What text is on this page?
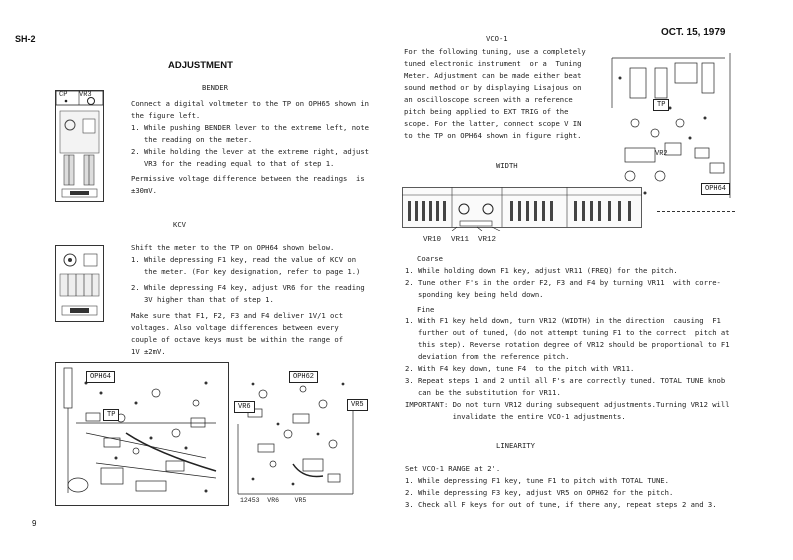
SH-2
OCT. 15, 1979
9
ADJUSTMENT
CP VR3
BENDER
Connect a digital voltmeter to the TP on OPH65 shown in
the figure left.
1. While pushing BENDER lever to the extreme left, note
the reading on the meter.
2. While holding the lever at the extreme right, adjust
VR3 for the reading equal to that of step 1.
Permissive voltage difference between the readings  is
±30mV.
KCV
Shift the meter to the TP on OPH64 shown below.
1. While depressing F1 key, read the value of KCV on
the meter. (For key designation, refer to page 1.)
2. While depressing F4 key, adjust VR6 for the reading
3V higher than that of step 1.
Make sure that F1, F2, F3 and F4 deliver 1V/1 oct
voltages. Also voltage differences between every
couple of octave keys must be within the range of
1V ±2mV.
OPH64
TP
OPH62
VR6	VR5
12453  VR6    VR5
VCO-1
For the following tuning, use a completely
tuned electronic instrument  or a  Tuning
Meter. Adjustment can be made either beat
sound method or by displaying Lisajous on
an oscilloscope screen with a reference
pitch being applied to EXT TRIG of the
scope. For the latter, connect scope V IN
to the TP on OPH64 shown in figure right.
TP
VR2
OPH64
WIDTH
VR10 VR11 VR12
Coarse
1. While holding down F1 key, adjust VR11 (FREQ) for the pitch.
2. Tune other F's in the order F2, F3 and F4 by turning VR11  with corre-
sponding key being held down.
Fine
1. With F1 key held down, turn VR12 (WIDTH) in the direction  causing  F1
further out of tuned, (do not attempt tuning F1 to the correct  pitch at
this step). Reverse rotation degree of VR12 should be proportional to F1
deviation from the reference pitch.
2. With F4 key down, tune F4  to the pitch with VR11.
3. Repeat steps 1 and 2 until all F's are correctly tuned. TOTAL TUNE knob
can be the substitution for VR11.
IMPORTANT: Do not turn VR12 during subsequent adjustments.Turning VR12 will
invalidate the entire VCO-1 adjustments.
LINEARITY
Set VCO-1 RANGE at 2'.
1. While depressing F1 key, tune F1 to pitch with TOTAL TUNE.
2. While depressing F3 key, adjust VR5 on OPH62 for the pitch.
3. Check all F keys for out of tune, if there any, repeat steps 2 and 3.
